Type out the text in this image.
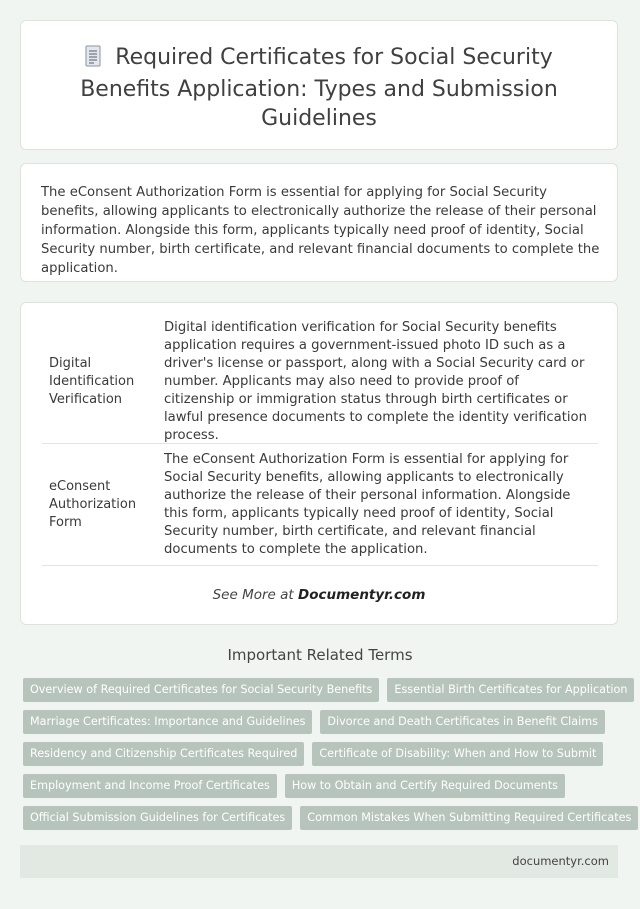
Required Certificates for Social Security Benefits Application: Types and Submission Guidelines
The eConsent Authorization Form is essential for applying for Social Security benefits, allowing applicants to electronically authorize the release of their personal information. Alongside this form, applicants typically need proof of identity, Social Security number, birth certificate, and relevant financial documents to complete the application.
Digital Identification Verification
Digital identification verification for Social Security benefits application requires a government-issued photo ID such as a driver's license or passport, along with a Social Security card or number. Applicants may also need to provide proof of citizenship or immigration status through birth certificates or lawful presence documents to complete the identity verification process.
eConsent Authorization Form
The eConsent Authorization Form is essential for applying for Social Security benefits, allowing applicants to electronically authorize the release of their personal information. Alongside this form, applicants typically need proof of identity, Social Security number, birth certificate, and relevant financial documents to complete the application.
See More at Documentyr.com
Important Related Terms
Overview of Required Certificates for Social Security Benefits	Essential Birth Certificates for Application
Marriage Certificates: Importance and Guidelines	Divorce and Death Certificates in Benefit Claims
Residency and Citizenship Certificates Required	Certificate of Disability: When and How to Submit
Employment and Income Proof Certificates	How to Obtain and Certify Required Documents
Official Submission Guidelines for Certificates	Common Mistakes When Submitting Required Certificates
documentyr.com
